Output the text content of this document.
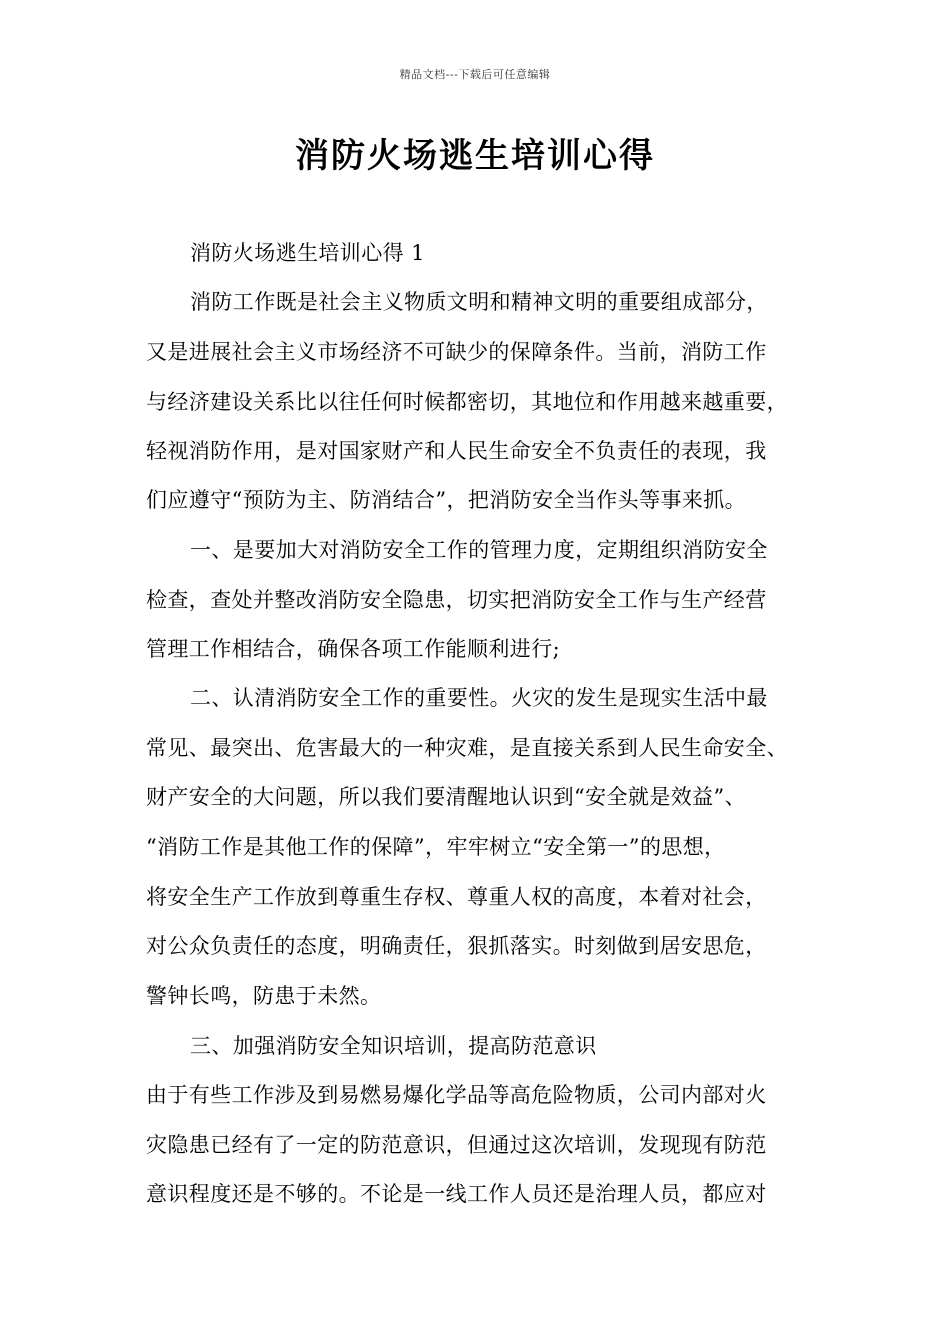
精品文档---下载后可任意编辑
消防火场逃生培训心得
消防火场逃生培训心得 1
消防工作既是社会主义物质文明和精神文明的重要组成部分，
又是进展社会主义市场经济不可缺少的保障条件。当前，消防工作
与经济建设关系比以往任何时候都密切，其地位和作用越来越重要，
轻视消防作用，是对国家财产和人民生命安全不负责任的表现，我
们应遵守“预防为主、防消结合”，把消防安全当作头等事来抓。
一、是要加大对消防安全工作的管理力度，定期组织消防安全
检查，查处并整改消防安全隐患，切实把消防安全工作与生产经营
管理工作相结合，确保各项工作能顺利进行;
二、认清消防安全工作的重要性。火灾的发生是现实生活中最
常见、最突出、危害最大的一种灾难，是直接关系到人民生命安全、
财产安全的大问题，所以我们要清醒地认识到“安全就是效益”、
“消防工作是其他工作的保障”，牢牢树立“安全第一”的思想，
将安全生产工作放到尊重生存权、尊重人权的高度，本着对社会，
对公众负责任的态度，明确责任，狠抓落实。时刻做到居安思危，
警钟长鸣，防患于未然。
三、加强消防安全知识培训，提高防范意识
由于有些工作涉及到易燃易爆化学品等高危险物质，公司内部对火
灾隐患已经有了一定的防范意识，但通过这次培训，发现现有防范
意识程度还是不够的。不论是一线工作人员还是治理人员，都应对
